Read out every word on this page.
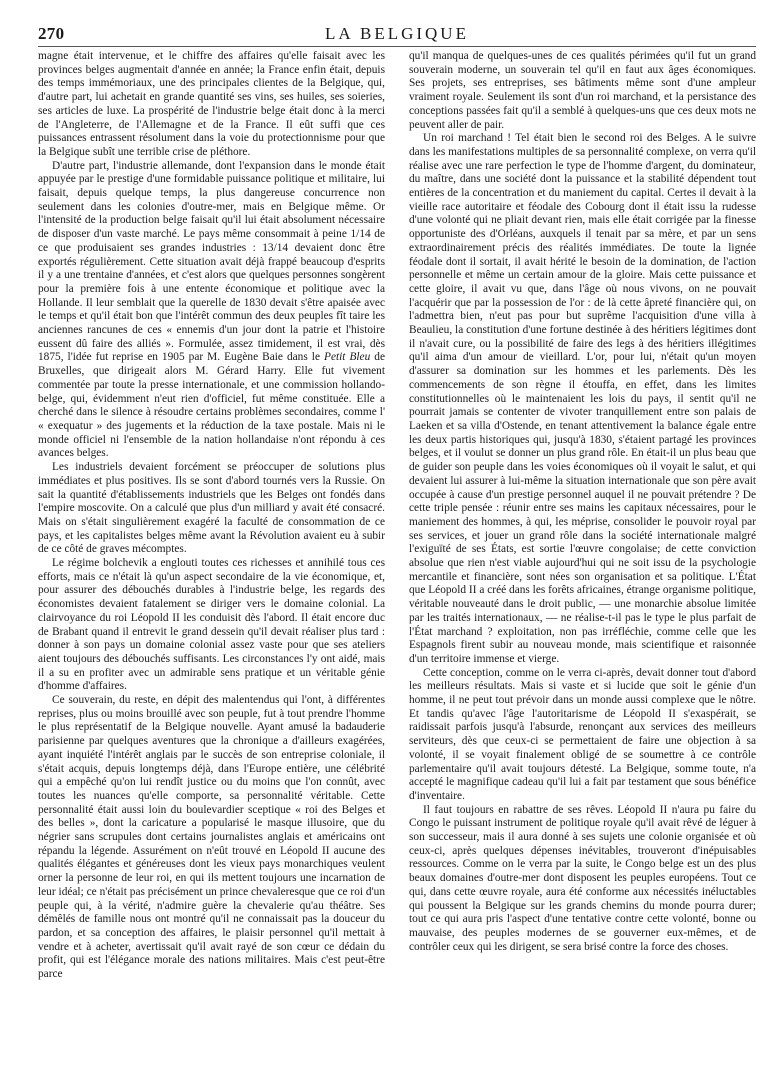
270	LA BELGIQUE

magne était intervenue, et le chiffre des affaires qu'elle faisait avec les provinces belges augmentait d'année en année; la France enfin était, depuis des temps immémoriaux, une des principales clientes de la Belgique, qui, d'autre part, lui achetait en grande quantité ses vins, ses huiles, ses soieries, ses articles de luxe. La prospérité de l'industrie belge était donc à la merci de l'Angleterre, de l'Allemagne et de la France. Il eût suffi que ces puissances entrassent résolument dans la voie du protectionnisme pour que la Belgique subît une terrible crise de pléthore.

D'autre part, l'industrie allemande, dont l'expansion dans le monde était appuyée par le prestige d'une formidable puissance politique et militaire, lui faisait, depuis quelque temps, la plus dangereuse concurrence non seulement dans les colonies d'outre-mer, mais en Belgique même. Or l'intensité de la production belge faisait qu'il lui était absolument nécessaire de disposer d'un vaste marché. Le pays même consommait à peine 1/14 de ce que produisaient ses grandes industries : 13/14 devaient donc être exportés régulièrement. Cette situation avait déjà frappé beaucoup d'esprits il y a une trentaine d'années, et c'est alors que quelques personnes songèrent pour la première fois à une entente économique et politique avec la Hollande. Il leur semblait que la querelle de 1830 devait s'être apaisée avec le temps et qu'il était bon que l'intérêt commun des deux peuples fît taire les anciennes rancunes de ces « ennemis d'un jour dont la patrie et l'histoire eussent dû faire des alliés ». Formulée, assez timidement, il est vrai, dès 1875, l'idée fut reprise en 1905 par M. Eugène Baie dans le Petit Bleu de Bruxelles, que dirigeait alors M. Gérard Harry. Elle fut vivement commentée par toute la presse internationale, et une commission hollando-belge, qui, évidemment n'eut rien d'officiel, fut même constituée. Elle a cherché dans le silence à résoudre certains problèmes secondaires, comme l' « exequatur » des jugements et la réduction de la taxe postale. Mais ni le monde officiel ni l'ensemble de la nation hollandaise n'ont répondu à ces avances belges.

Les industriels devaient forcément se préoccuper de solutions plus immédiates et plus positives. Ils se sont d'abord tournés vers la Russie. On sait la quantité d'établissements industriels que les Belges ont fondés dans l'empire moscovite. On a calculé que plus d'un milliard y avait été consacré. Mais on s'était singulièrement exagéré la faculté de consommation de ce pays, et les capitalistes belges même avant la Révolution avaient eu à subir de ce côté de graves mécomptes.

Le régime bolchevik a englouti toutes ces richesses et annihilé tous ces efforts, mais ce n'était là qu'un aspect secondaire de la vie économique, et, pour assurer des débouchés durables à l'industrie belge, les regards des économistes devaient fatalement se diriger vers le domaine colonial. La clairvoyance du roi Léopold II les conduisit dès l'abord. Il était encore duc de Brabant quand il entrevit le grand dessein qu'il devait réaliser plus tard : donner à son pays un domaine colonial assez vaste pour que ses ateliers aient toujours des débouchés suffisants. Les circonstances l'y ont aidé, mais il a su en profiter avec un admirable sens pratique et un véritable génie d'homme d'affaires.

Ce souverain, du reste, en dépit des malentendus qui l'ont, à différentes reprises, plus ou moins brouillé avec son peuple, fut à tout prendre l'homme le plus représentatif de la Belgique nouvelle. Ayant amusé la badauderie parisienne par quelques aventures que la chronique a d'ailleurs exagérées, ayant inquiété l'intérêt anglais par le succès de son entreprise coloniale, il s'était acquis, depuis longtemps déjà, dans l'Europe entière, une célébrité qui a empêché qu'on lui rendît justice ou du moins que l'on connût, avec toutes les nuances qu'elle comporte, sa personnalité véritable. Cette personnalité était aussi loin du boulevardier sceptique « roi des Belges et des belles », dont la caricature a popularisé le masque illusoire, que du négrier sans scrupules dont certains journalistes anglais et américains ont répandu la légende. Assurément on n'eût trouvé en Léopold II aucune des qualités élégantes et généreuses dont les vieux pays monarchiques veulent orner la personne de leur roi, en qui ils mettent toujours une incarnation de leur idéal; ce n'était pas précisément un prince chevaleresque que ce roi d'un peuple qui, à la vérité, n'admire guère la chevalerie qu'au théâtre. Ses démêlés de famille nous ont montré qu'il ne connaissait pas la douceur du pardon, et sa conception des affaires, le plaisir personnel qu'il mettait à vendre et à acheter, avertissait qu'il avait rayé de son cœur ce dédain du profit, qui est l'élégance morale des nations militaires. Mais c'est peut-être parce

qu'il manqua de quelques-unes de ces qualités périmées qu'il fut un grand souverain moderne, un souverain tel qu'il en faut aux âges économiques. Ses projets, ses entreprises, ses bâtiments même sont d'une ampleur vraiment royale. Seulement ils sont d'un roi marchand, et la persistance des conceptions passées fait qu'il a semblé à quelques-uns que ces deux mots ne peuvent aller de pair.

Un roi marchand ! Tel était bien le second roi des Belges. A le suivre dans les manifestations multiples de sa personnalité complexe, on verra qu'il réalise avec une rare perfection le type de l'homme d'argent, du dominateur, du maître, dans une société dont la puissance et la stabilité dépendent tout entières de la concentration et du maniement du capital. Certes il devait à la vieille race autoritaire et féodale des Cobourg dont il était issu la rudesse d'une volonté qui ne pliait devant rien, mais elle était corrigée par la finesse opportuniste des d'Orléans, auxquels il tenait par sa mère, et par un sens extraordinairement précis des réalités immédiates. De toute la lignée féodale dont il sortait, il avait hérité le besoin de la domination, de l'action personnelle et même un certain amour de la gloire. Mais cette puissance et cette gloire, il avait vu que, dans l'âge où nous vivons, on ne pouvait l'acquérir que par la possession de l'or : de là cette âpreté financière qui, on l'admettra bien, n'eut pas pour but suprême l'acquisition d'une villa à Beaulieu, la constitution d'une fortune destinée à des héritiers légitimes dont il n'avait cure, ou la possibilité de faire des legs à des héritiers illégitimes qu'il aima d'un amour de vieillard. L'or, pour lui, n'était qu'un moyen d'assurer sa domination sur les hommes et les parlements. Dès les commencements de son règne il étouffa, en effet, dans les limites constitutionnelles où le maintenaient les lois du pays, il sentit qu'il ne pourrait jamais se contenter de vivoter tranquillement entre son palais de Laeken et sa villa d'Ostende, en tenant attentivement la balance égale entre les deux partis historiques qui, jusqu'à 1830, s'étaient partagé les provinces belges, et il voulut se donner un plus grand rôle. En était-il un plus beau que de guider son peuple dans les voies économiques où il voyait le salut, et qui devaient lui assurer à lui-même la situation internationale que son père avait occupée à cause d'un prestige personnel auquel il ne pouvait prétendre ? De cette triple pensée : réunir entre ses mains les capitaux nécessaires, pour le maniement des hommes, à qui, les méprise, consolider le pouvoir royal par ses services, et jouer un grand rôle dans la société internationale malgré l'exiguïté de ses États, est sortie l'œuvre congolaise; de cette conviction absolue que rien n'est viable aujourd'hui qui ne soit issu de la psychologie mercantile et financière, sont nées son organisation et sa politique. L'État que Léopold II a créé dans les forêts africaines, étrange organisme politique, véritable nouveauté dans le droit public, — une monarchie absolue limitée par les traités internationaux, — ne réalise-t-il pas le type le plus parfait de l'État marchand ? exploitation, non pas irréfléchie, comme celle que les Espagnols firent subir au nouveau monde, mais scientifique et raisonnée d'un territoire immense et vierge.

Cette conception, comme on le verra ci-après, devait donner tout d'abord les meilleurs résultats. Mais si vaste et si lucide que soit le génie d'un homme, il ne peut tout prévoir dans un monde aussi complexe que le nôtre. Et tandis qu'avec l'âge l'autoritarisme de Léopold II s'exaspérait, se raidissait parfois jusqu'à l'absurde, renonçant aux services des meilleurs serviteurs, dès que ceux-ci se permettaient de faire une objection à sa volonté, il se voyait finalement obligé de se soumettre à ce contrôle parlementaire qu'il avait toujours détesté. La Belgique, somme toute, n'a accepté le magnifique cadeau qu'il lui a fait par testament que sous bénéfice d'inventaire.

Il faut toujours en rabattre de ses rêves. Léopold II n'aura pu faire du Congo le puissant instrument de politique royale qu'il avait rêvé de léguer à son successeur, mais il aura donné à ses sujets une colonie organisée et où ceux-ci, après quelques dépenses inévitables, trouveront d'inépuisables ressources. Comme on le verra par la suite, le Congo belge est un des plus beaux domaines d'outre-mer dont disposent les peuples européens. Tout ce qui, dans cette œuvre royale, aura été conforme aux nécessités inéluctables qui poussent la Belgique sur les grands chemins du monde pourra durer; tout ce qui aura pris l'aspect d'une tentative contre cette volonté, bonne ou mauvaise, des peuples modernes de se gouverner eux-mêmes, et de contrôler ceux qui les dirigent, se sera brisé contre la force des choses.
